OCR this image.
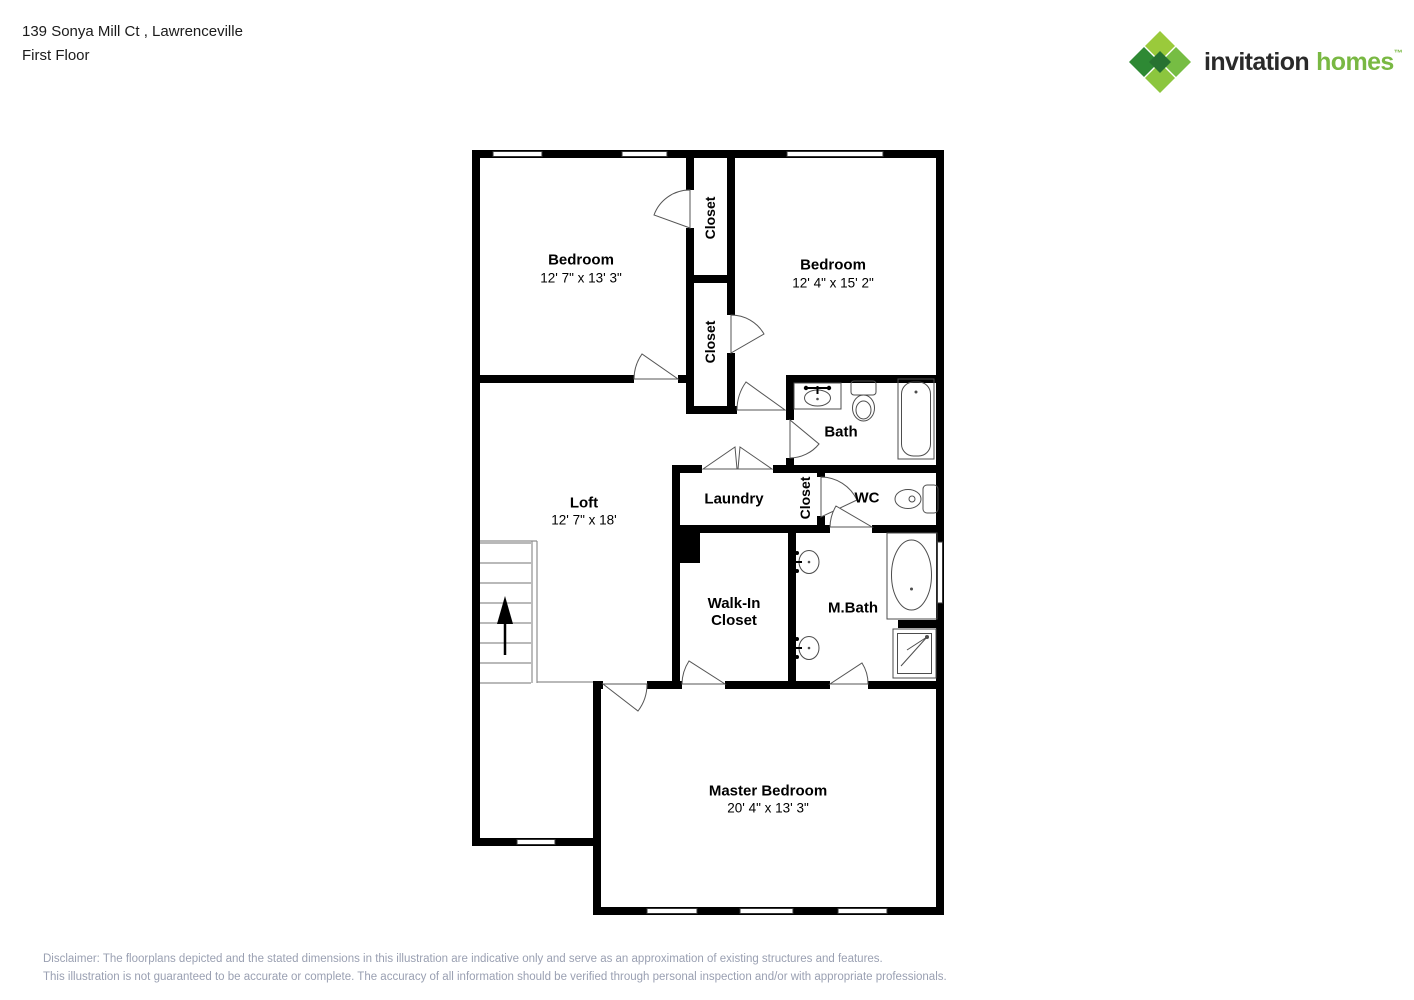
139 Sonya Mill Ct , Lawrenceville
First Floor	invitation homes™
Bedroom
12' 7" x 13' 3"
Bedroom
12' 4" x 15' 2"
Closet
Closet
Bath
Loft
12' 7" x 18'
Laundry Closet	WC
Walk-In
Closet
M.Bath
Master Bedroom
20' 4" x 13' 3"
Disclaimer: The floorplans depicted and the stated dimensions in this illustration are indicative only and serve as an approximation of existing structures and features.
This illustration is not guaranteed to be accurate or complete. The accuracy of all information should be verified through personal inspection and/or with appropriate professionals.
